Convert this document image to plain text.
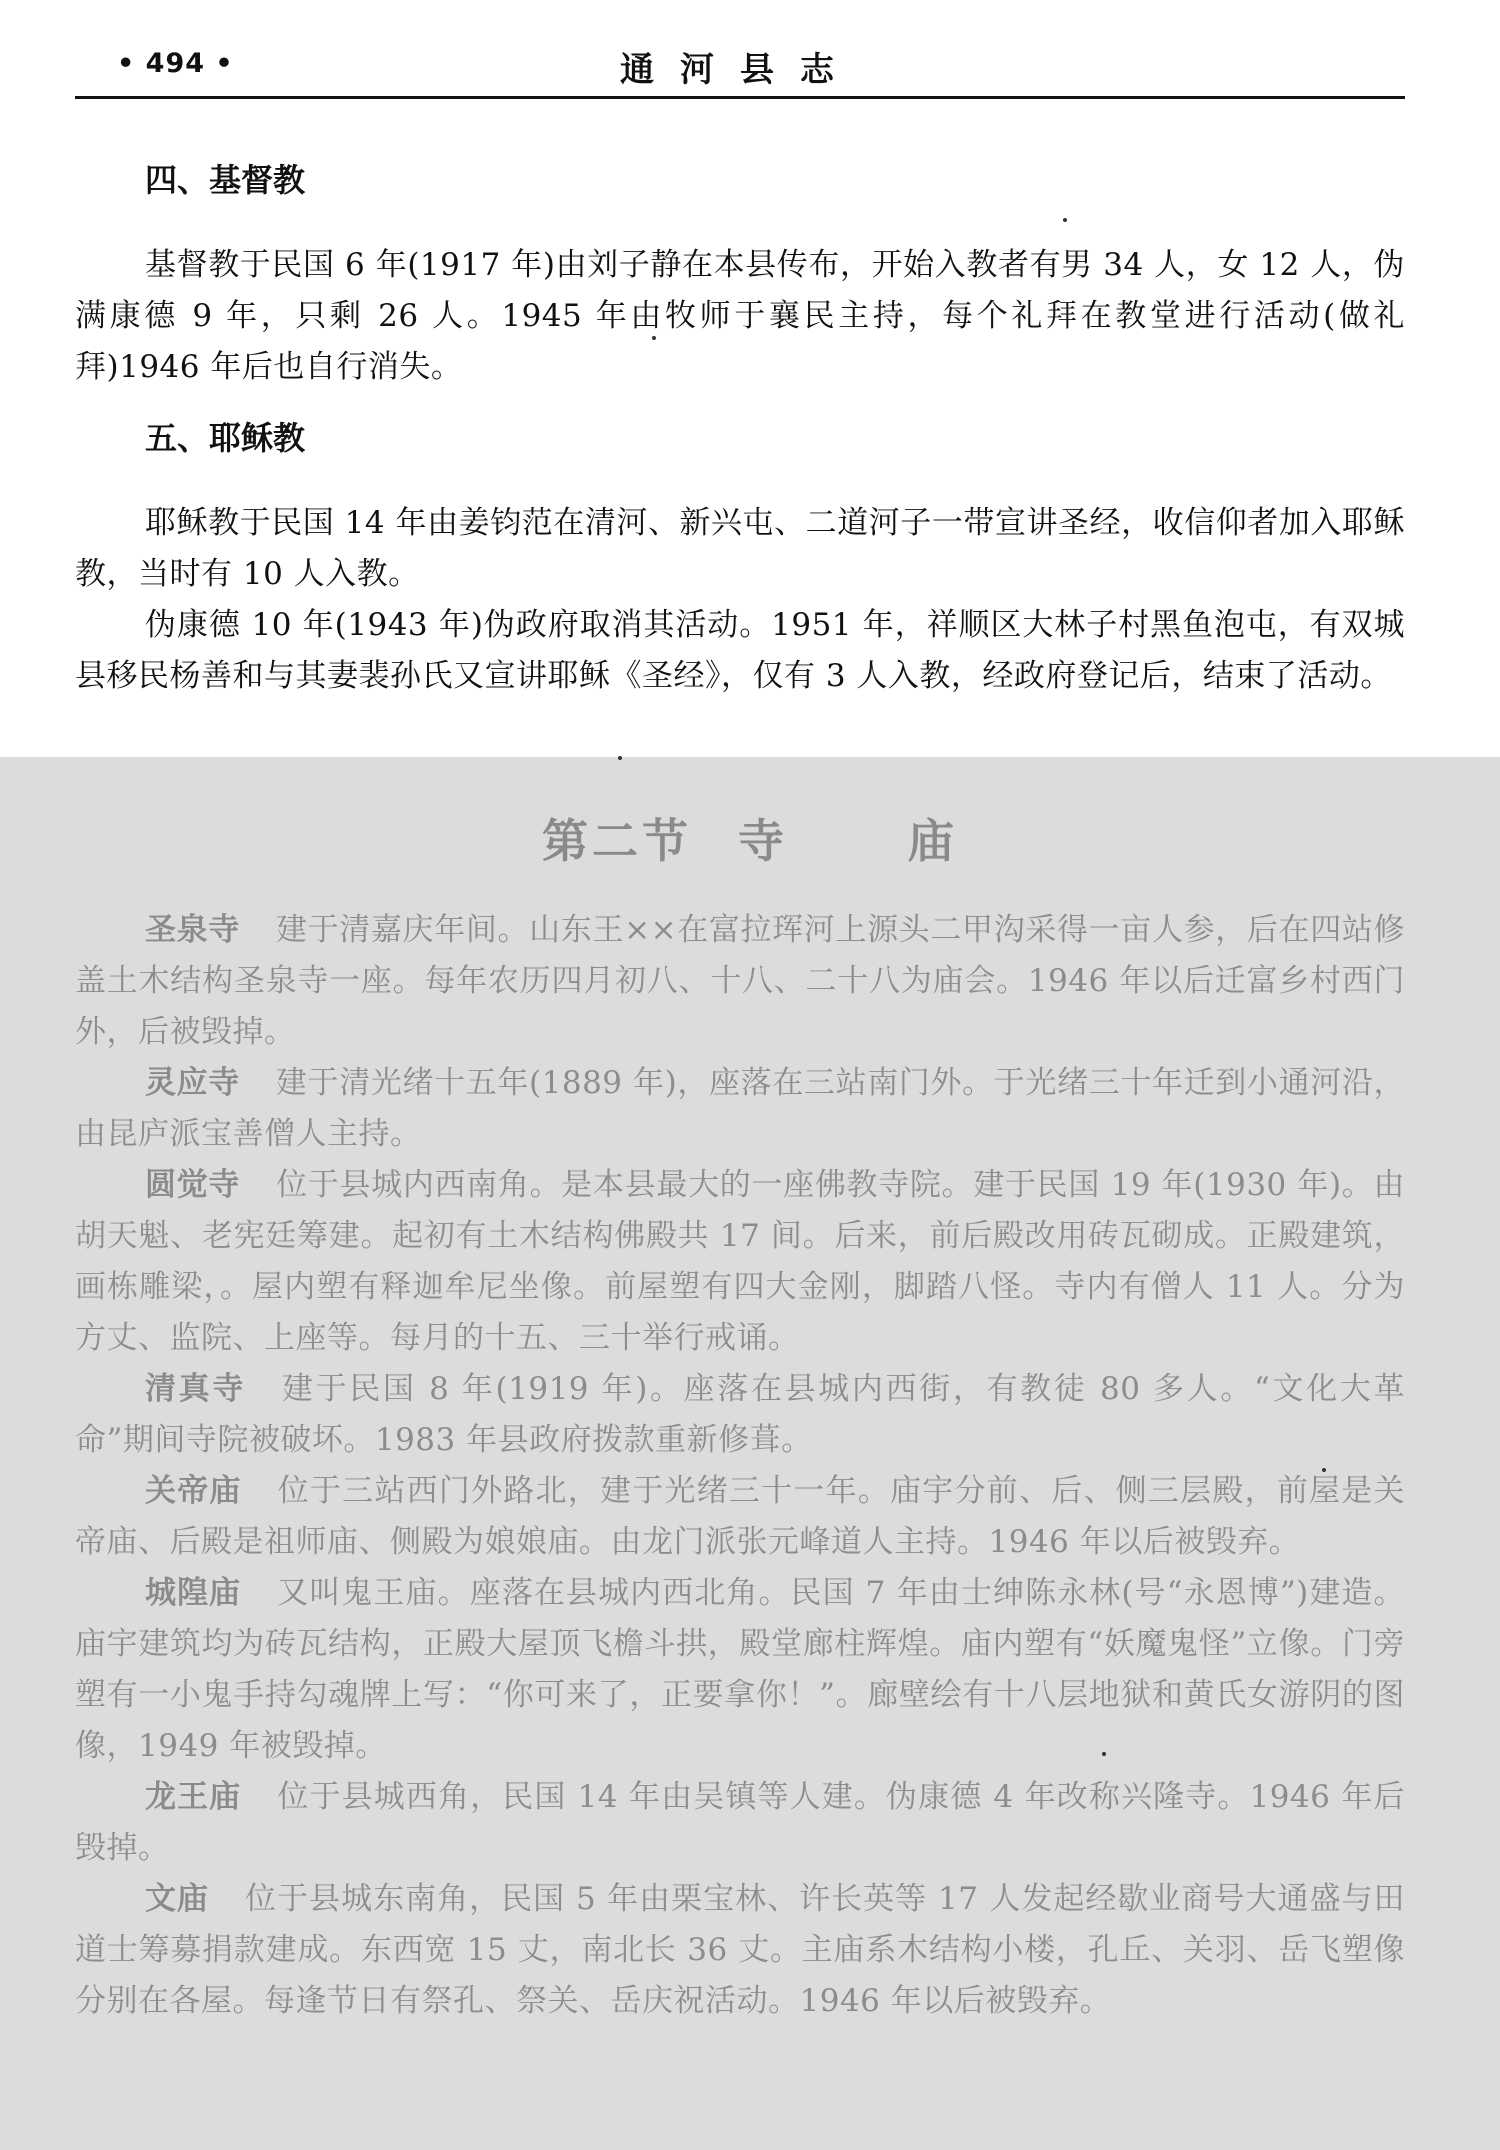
• 494 •	通河县志
四、基督教

基督教于民国 6 年(1917 年)由刘子静在本县传布，开始入教者有男 34 人，女 12 人，伪满康德 9 年，只剩 26 人。1945 年由牧师于襄民主持，每个礼拜在教堂进行活动(做礼拜)1946 年后也自行消失。

五、耶稣教

耶稣教于民国 14 年由姜钧范在清河、新兴屯、二道河子一带宣讲圣经，收信仰者加入耶稣教，当时有 10 人入教。

伪康德 10 年(1943 年)伪政府取消其活动。1951 年，祥顺区大林子村黑鱼泡屯，有双城县移民杨善和与其妻裴孙氏又宣讲耶稣《圣经》，仅有 3 人入教，经政府登记后，结束了活动。

第二节 寺	庙

圣泉寺 建于清嘉庆年间。山东王××在富拉珲河上源头二甲沟采得一亩人参，后在四站修盖土木结构圣泉寺一座。每年农历四月初八、十八、二十八为庙会。1946 年以后迁富乡村西门外，后被毁掉。

灵应寺 建于清光绪十五年(1889 年)，座落在三站南门外。于光绪三十年迁到小通河沿，由昆庐派宝善僧人主持。

圆觉寺 位于县城内西南角。是本县最大的一座佛教寺院。建于民国 19 年(1930 年)。由胡天魁、老宪廷筹建。起初有土木结构佛殿共 17 间。后来，前后殿改用砖瓦砌成。正殿建筑，画栋雕梁，。屋内塑有释迦牟尼坐像。前屋塑有四大金刚，脚踏八怪。寺内有僧人 11 人。分为方丈、监院、上座等。每月的十五、三十举行戒诵。

清真寺 建于民国 8 年(1919 年)。座落在县城内西街，有教徒 80 多人。“文化大革命”期间寺院被破坏。1983 年县政府拨款重新修葺。

关帝庙 位于三站西门外路北，建于光绪三十一年。庙宇分前、后、侧三层殿，前屋是关帝庙、后殿是祖师庙、侧殿为娘娘庙。由龙门派张元峰道人主持。1946 年以后被毁弃。

城隍庙 又叫鬼王庙。座落在县城内西北角。民国 7 年由士绅陈永林(号“永恩博”)建造。庙宇建筑均为砖瓦结构，正殿大屋顶飞檐斗拱，殿堂廊柱辉煌。庙内塑有“妖魔鬼怪”立像。门旁塑有一小鬼手持勾魂牌上写：“你可来了，正要拿你！”。廊壁绘有十八层地狱和黄氏女游阴的图像，1949 年被毁掉。

龙王庙 位于县城西角，民国 14 年由吴镇等人建。伪康德 4 年改称兴隆寺。1946 年后毁掉。

文庙 位于县城东南角，民国 5 年由栗宝林、许长英等 17 人发起经歇业商号大通盛与田道士筹募捐款建成。东西宽 15 丈，南北长 36 丈。主庙系木结构小楼，孔丘、关羽、岳飞塑像分别在各屋。每逢节日有祭孔、祭关、岳庆祝活动。1946 年以后被毁弃。
